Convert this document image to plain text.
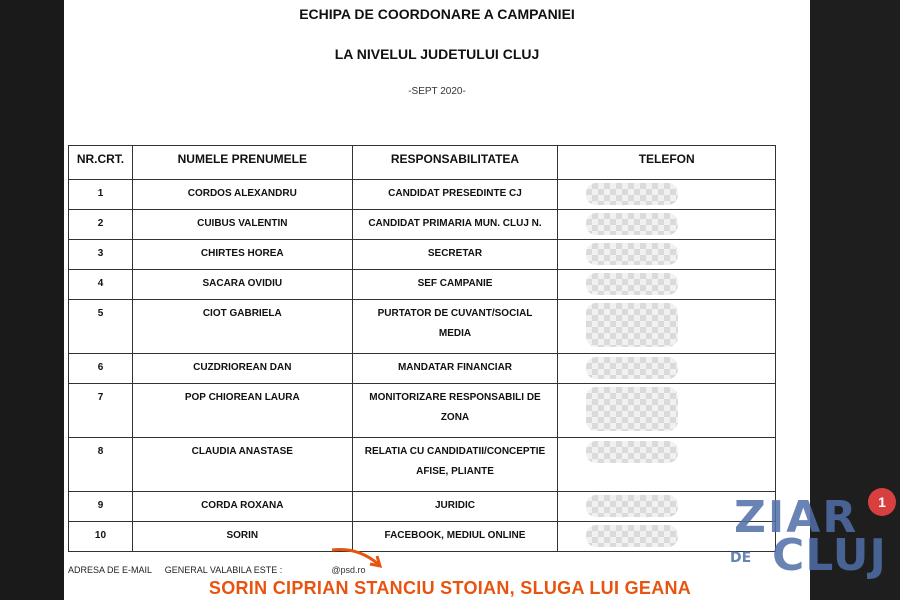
ECHIPA DE COORDONARE A CAMPANIEI
LA NIVELUL JUDETULUI CLUJ
-SEPT 2020-
NR.CRT.	NUMELE PRENUMELE	RESPONSABILITATEA	TELEFON
1	CORDOS ALEXANDRU	CANDIDAT PRESEDINTE CJ	

2	CUIBUS VALENTIN	CANDIDAT PRIMARIA MUN. CLUJ N.	

3	CHIRTES HOREA	SECRETAR	

4	SACARA OVIDIU	SEF CAMPANIE	

5	CIOT GABRIELA	PURTATOR DE CUVANT/SOCIAL
MEDIA	

6	CUZDRIOREAN DAN	MANDATAR FINANCIAR	

7	POP CHIOREAN LAURA	MONITORIZARE RESPONSABILI DE
ZONA	

8	CLAUDIA ANASTASE	RELATIA CU CANDIDATII/CONCEPTIE
AFISE, PLIANTE	

9	CORDA ROXANA	JURIDIC	

10	SORIN	FACEBOOK, MEDIUL ONLINE	
ADRESA DE E-MAIL GENERAL VALABILA ESTE :	@psd.ro
SORIN CIPRIAN STANCIU STOIAN, SLUGA LUI GEANA
ZIAR
DE CLUJ
1
